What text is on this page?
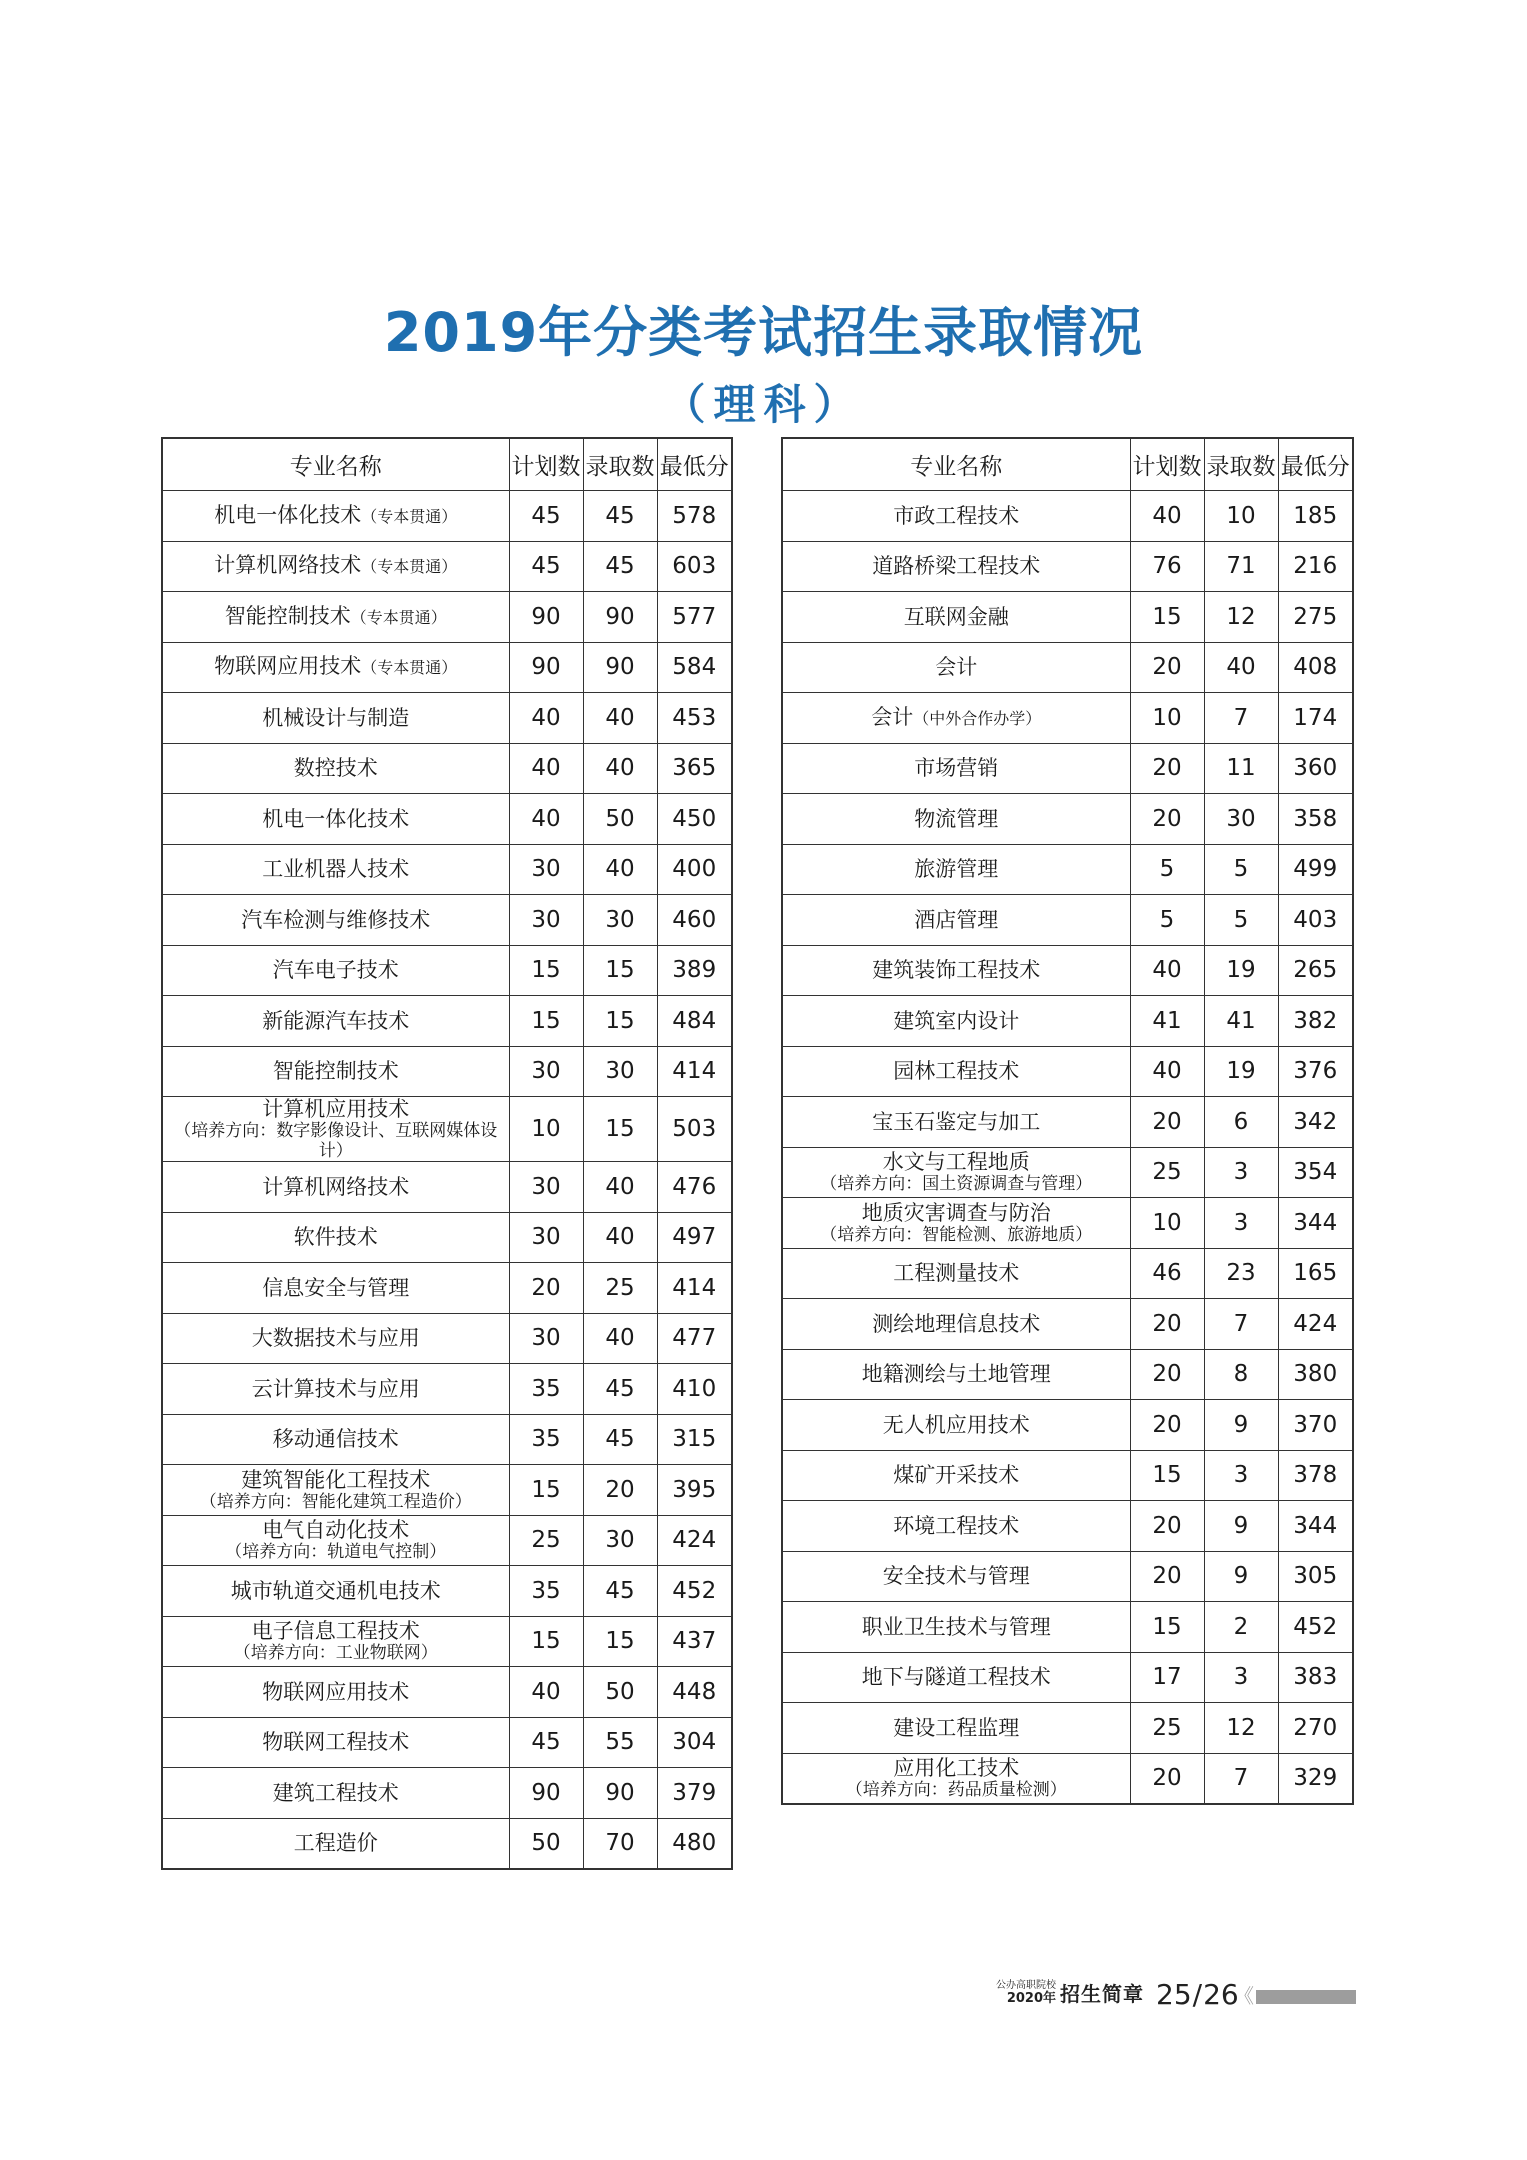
2019年分类考试招生录取情况
（理科）
专业名称	计划数	录取数	最低分

机电一体化技术（专本贯通）	45	45	578

计算机网络技术（专本贯通）	45	45	603

智能控制技术（专本贯通）	90	90	577

物联网应用技术（专本贯通）	90	90	584

机械设计与制造	40	40	453

数控技术	40	40	365

机电一体化技术	40	50	450

工业机器人技术	30	40	400

汽车检测与维修技术	30	30	460

汽车电子技术	15	15	389

新能源汽车技术	15	15	484

智能控制技术	30	30	414

计算机应用技术
（培养方向：数字影像设计、互联网媒体设计）	10	15	503

计算机网络技术	30	40	476

软件技术	30	40	497

信息安全与管理	20	25	414

大数据技术与应用	30	40	477

云计算技术与应用	35	45	410

移动通信技术	35	45	315

建筑智能化工程技术
（培养方向：智能化建筑工程造价）	15	20	395

电气自动化技术
（培养方向：轨道电气控制）	25	30	424

城市轨道交通机电技术	35	45	452

电子信息工程技术
（培养方向：工业物联网）	15	15	437

物联网应用技术	40	50	448

物联网工程技术	45	55	304

建筑工程技术	90	90	379

工程造价	50	70	480
专业名称	计划数	录取数	最低分

市政工程技术	40	10	185

道路桥梁工程技术	76	71	216

互联网金融	15	12	275

会计	20	40	408

会计（中外合作办学）	10	7	174

市场营销	20	11	360

物流管理	20	30	358

旅游管理	5	5	499

酒店管理	5	5	403

建筑装饰工程技术	40	19	265

建筑室内设计	41	41	382

园林工程技术	40	19	376

宝玉石鉴定与加工	20	6	342

水文与工程地质
（培养方向：国土资源调查与管理）	25	3	354

地质灾害调查与防治
（培养方向：智能检测、旅游地质）	10	3	344

工程测量技术	46	23	165

测绘地理信息技术	20	7	424

地籍测绘与土地管理	20	8	380

无人机应用技术	20	9	370

煤矿开采技术	15	3	378

环境工程技术	20	9	344

安全技术与管理	20	9	305

职业卫生技术与管理	15	2	452

地下与隧道工程技术	17	3	383

建设工程监理	25	12	270

应用化工技术
（培养方向：药品质量检测）	20	7	329
公办高职院校
2020年 招生简章 25/26
《
